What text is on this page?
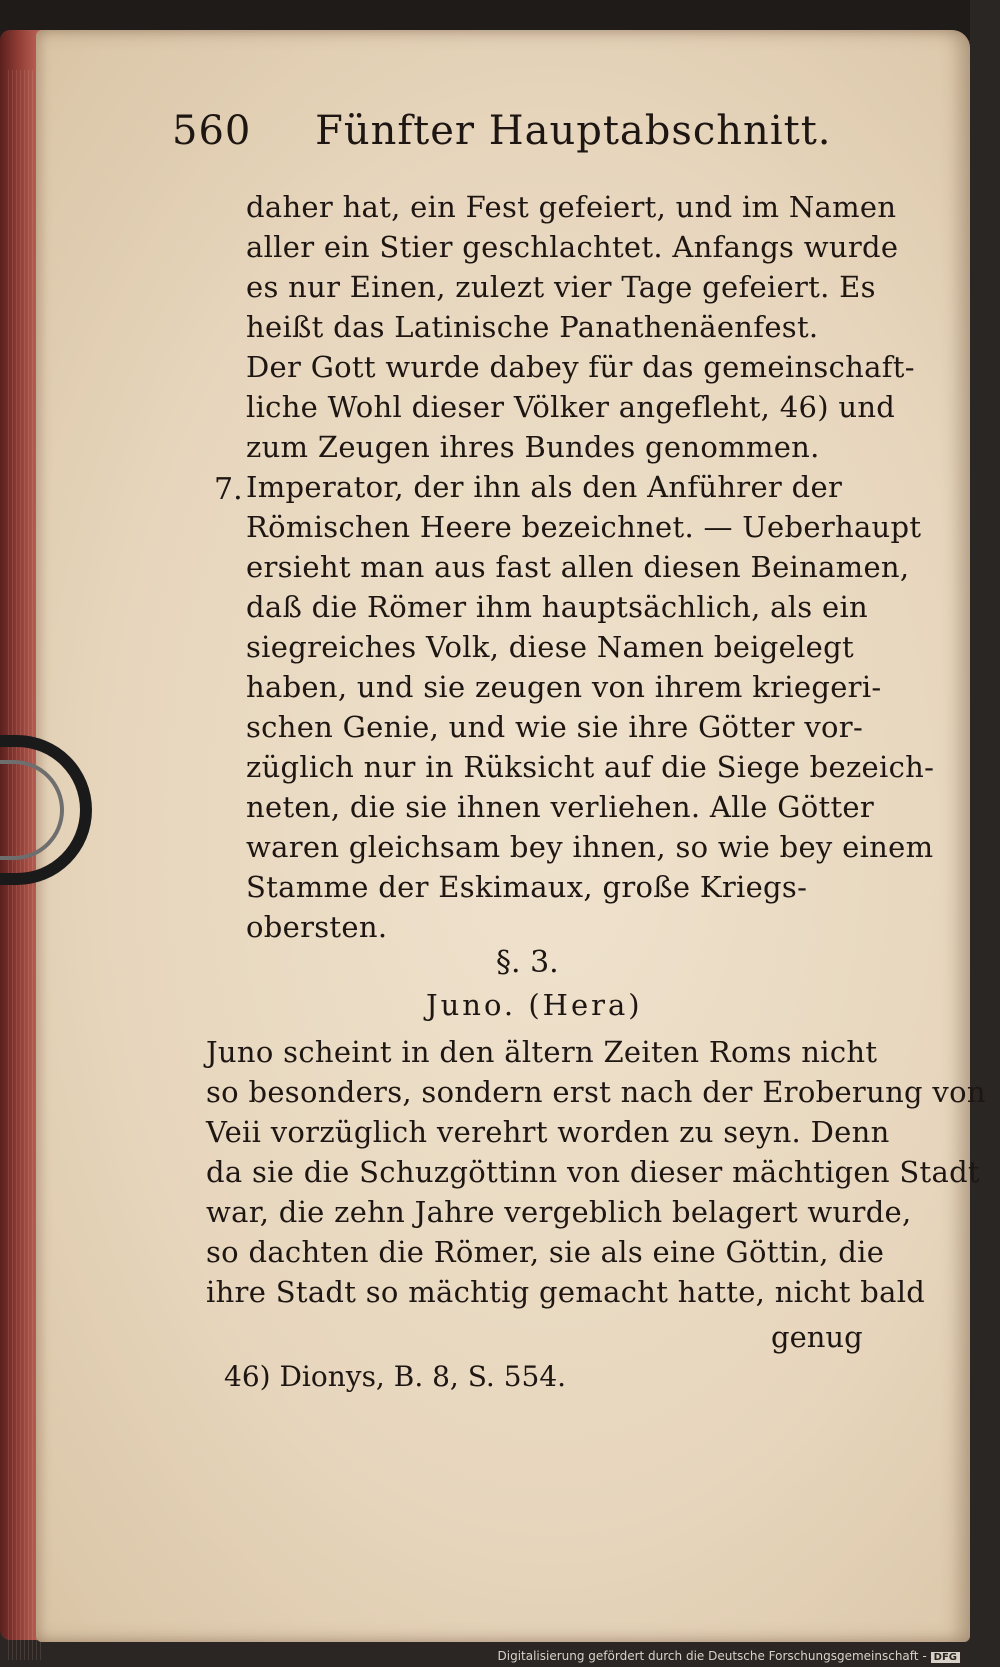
560 Fünfter Hauptabschnitt.
daher hat, ein Fest gefeiert, und im Namen
aller ein Stier geschlachtet. Anfangs wurde
es nur Einen, zulezt vier Tage gefeiert. Es
heißt das Latinische Panathenäenfest.
Der Gott wurde dabey für das gemeinschaft-
liche Wohl dieser Völker angefleht, 46) und
zum Zeugen ihres Bundes genommen.
7. Imperator, der ihn als den Anführer der
Römischen Heere bezeichnet. — Ueberhaupt
ersieht man aus fast allen diesen Beinamen,
daß die Römer ihm hauptsächlich, als ein
siegreiches Volk, diese Namen beigelegt
haben, und sie zeugen von ihrem kriegeri-
schen Genie, und wie sie ihre Götter vor-
züglich nur in Rüksicht auf die Siege bezeich-
neten, die sie ihnen verliehen. Alle Götter
waren gleichsam bey ihnen, so wie bey einem
Stamme der Eskimaux, große Kriegs-
obersten.
§. 3.
Juno. (Hera)
Juno scheint in den ältern Zeiten Roms nicht
so besonders, sondern erst nach der Eroberung von
Veii vorzüglich verehrt worden zu seyn. Denn
da sie die Schuzgöttinn von dieser mächtigen Stadt
war, die zehn Jahre vergeblich belagert wurde,
so dachten die Römer, sie als eine Göttin, die
ihre Stadt so mächtig gemacht hatte, nicht bald
genug
46) Dionys, B. 8, S. 554.
Digitalisierung gefördert durch die Deutsche Forschungsgemeinschaft - DFG
